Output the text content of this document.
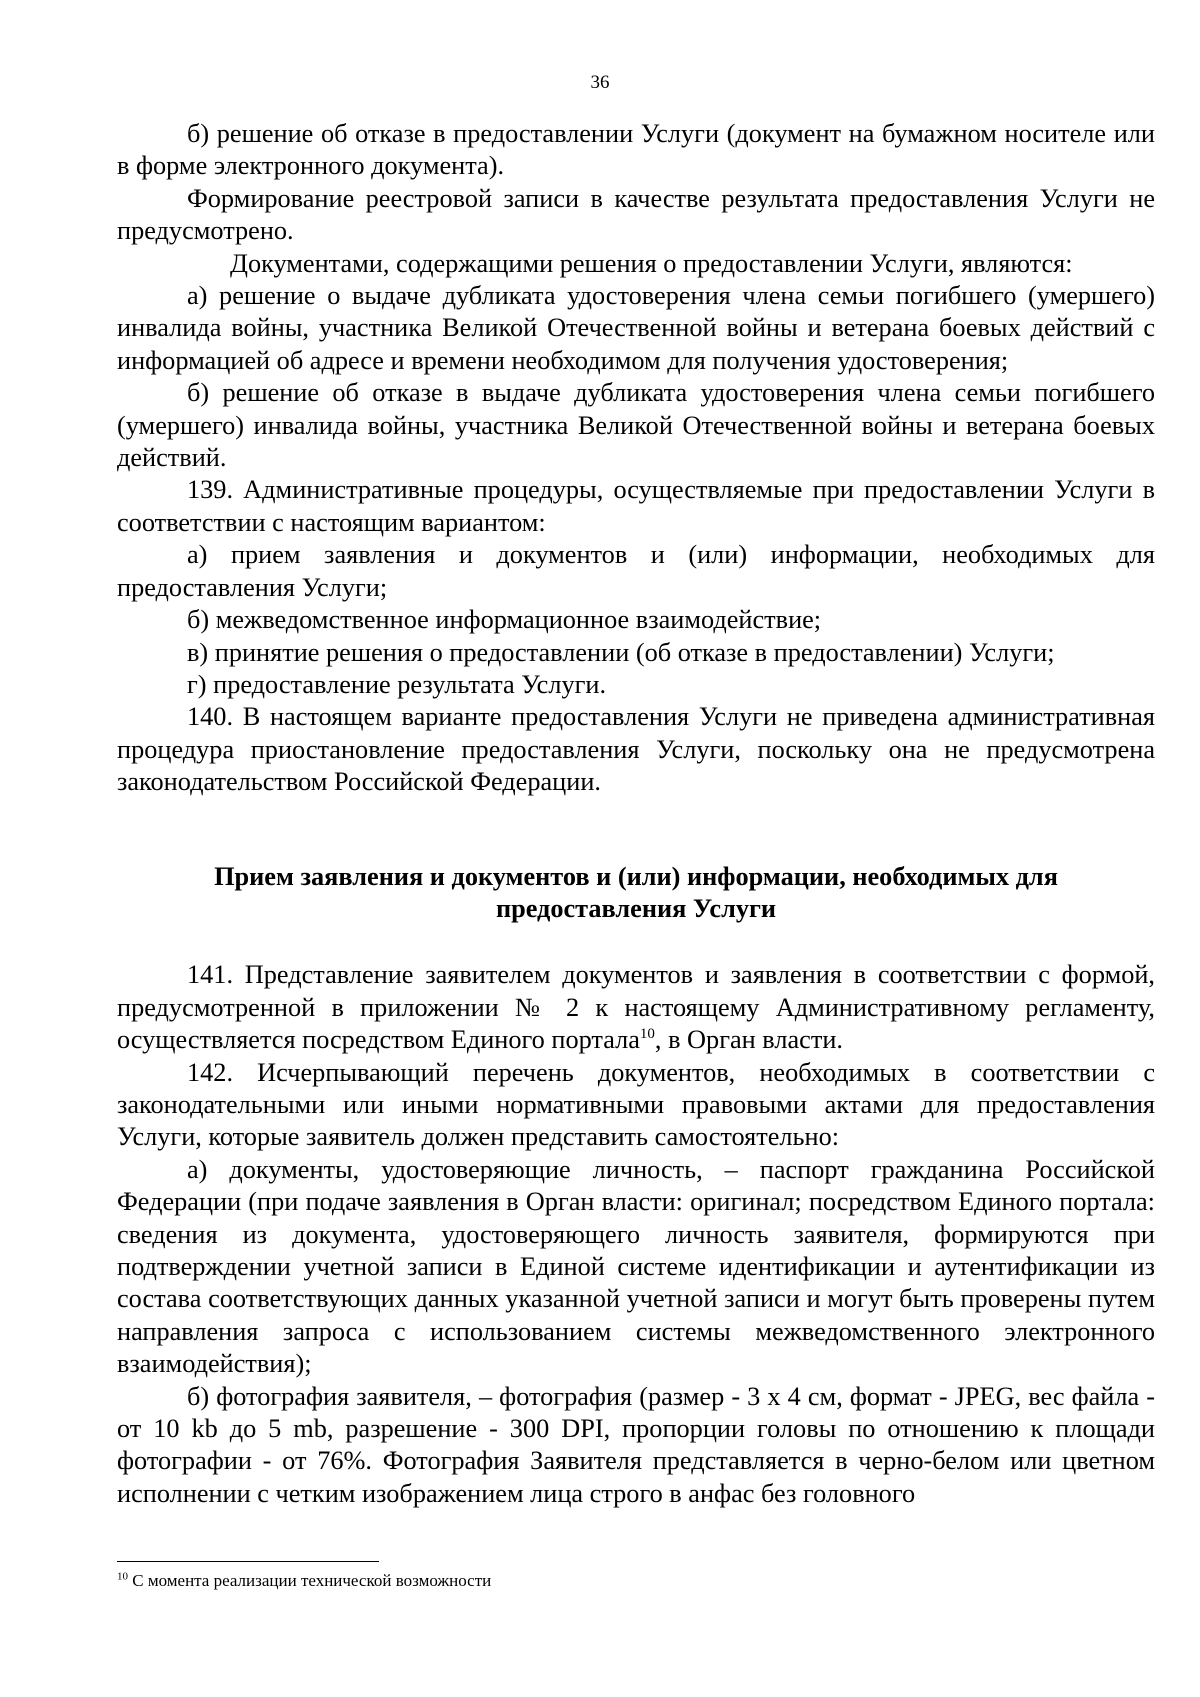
36

б) решение об отказе в предоставлении Услуги (документ на бумажном носителе или в форме электронного документа).

Формирование реестровой записи в качестве результата предоставления Услуги не предусмотрено.

Документами, содержащими решения о предоставлении Услуги, являются:

а) решение о выдаче дубликата удостоверения члена семьи погибшего (умершего) инвалида войны, участника Великой Отечественной войны и ветерана боевых действий с информацией об адресе и времени необходимом для получения удостоверения;

б) решение об отказе в выдаче дубликата удостоверения члена семьи погибшего (умершего) инвалида войны, участника Великой Отечественной войны и ветерана боевых действий.

139. Административные процедуры, осуществляемые при предоставлении Услуги в соответствии с настоящим вариантом:

а) прием заявления и документов и (или) информации, необходимых для предоставления Услуги;

б) межведомственное информационное взаимодействие;

в) принятие решения о предоставлении (об отказе в предоставлении) Услуги;

г) предоставление результата Услуги.

140. В настоящем варианте предоставления Услуги не приведена административная процедура приостановление предоставления Услуги, поскольку она не предусмотрена законодательством Российской Федерации.

Прием заявления и документов и (или) информации, необходимых для предоставления Услуги

141. Представление заявителем документов и заявления в соответствии с формой, предусмотренной в приложении № 2 к настоящему Административному регламенту, осуществляется посредством Единого портала$^{10}$, в Орган власти.

142. Исчерпывающий перечень документов, необходимых в соответствии с законодательными или иными нормативными правовыми актами для предоставления Услуги, которые заявитель должен представить самостоятельно:

а) документы, удостоверяющие личность, – паспорт гражданина Российской Федерации (при подаче заявления в Орган власти: оригинал; посредством Единого портала: сведения из документа, удостоверяющего личность заявителя, формируются при подтверждении учетной записи в Единой системе идентификации и аутентификации из состава соответствующих данных указанной учетной записи и могут быть проверены путем направления запроса с использованием системы межведомственного электронного взаимодействия);

б) фотография заявителя, – фотография (размер - 3 x 4 см, формат - JPEG, вес файла - от 10 kb до 5 mb, разрешение - 300 DPI, пропорции головы по отношению к площади фотографии - от 76%. Фотография Заявителя представляется в черно-белом или цветном исполнении с четким изображением лица строго в анфас без головного

$^{10}$ С момента реализации технической возможности
